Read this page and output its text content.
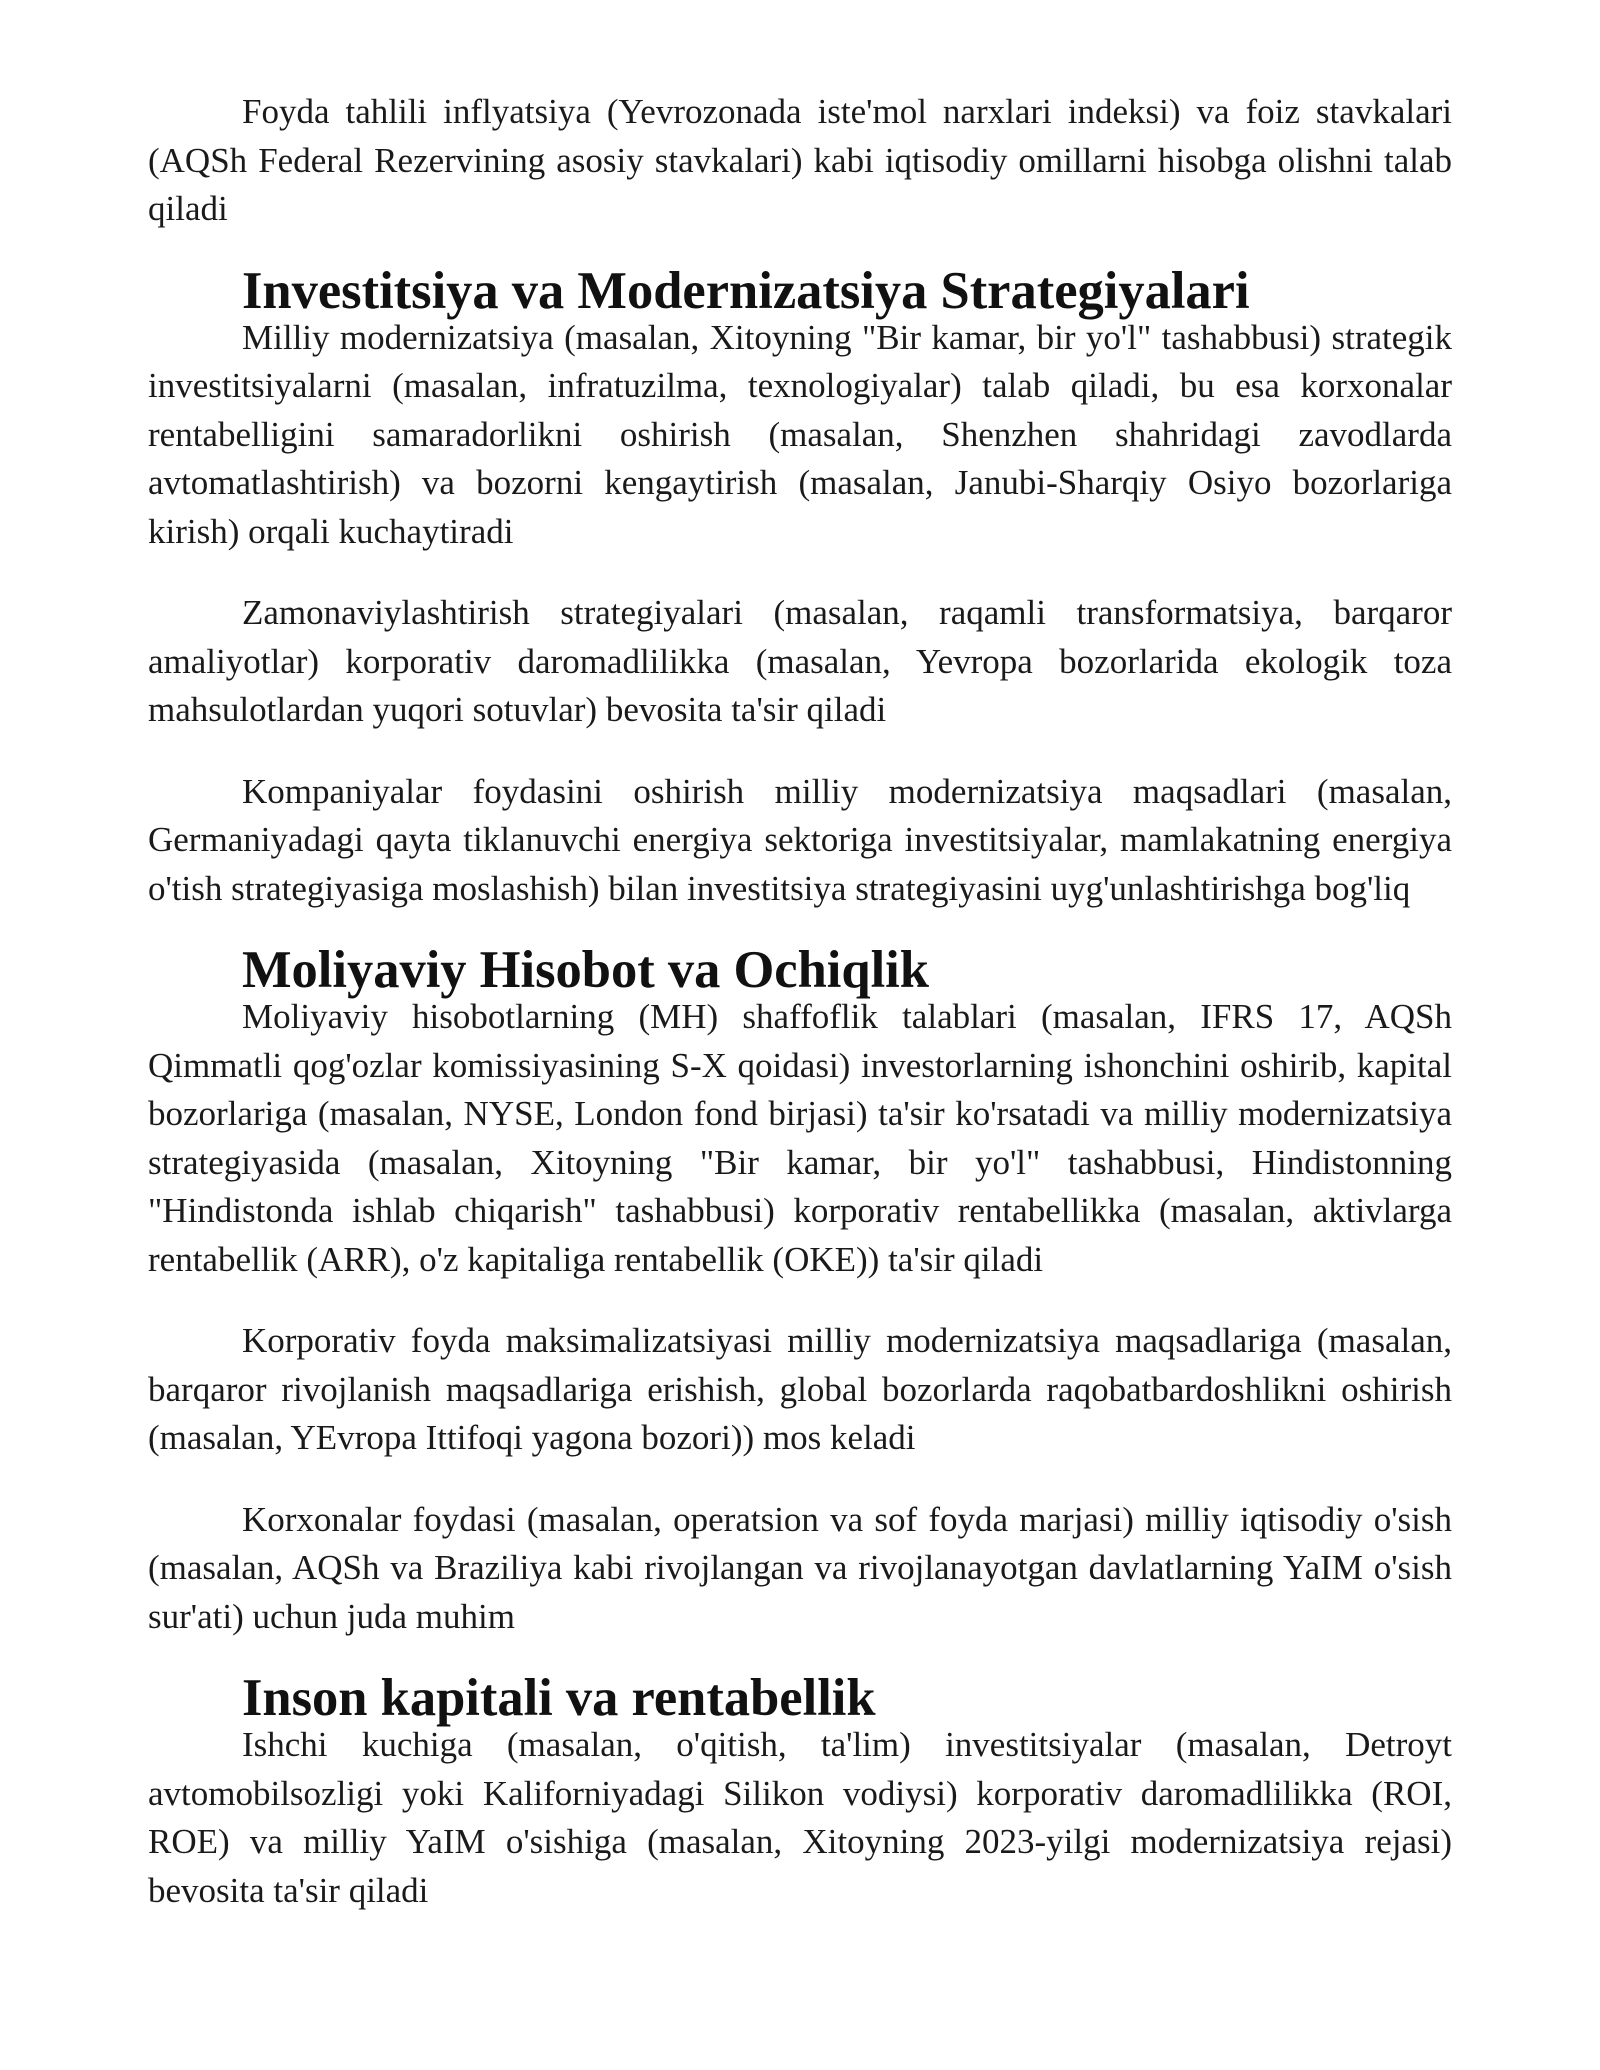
Foyda tahlili inflyatsiya (Yevrozonada iste'mol narxlari indeksi) va foiz stavkalari (AQSh Federal Rezervining asosiy stavkalari) kabi iqtisodiy omillarni hisobga olishni talab qiladi

Investitsiya va Modernizatsiya Strategiyalari

Milliy modernizatsiya (masalan, Xitoyning "Bir kamar, bir yo'l" tashabbusi) strategik investitsiyalarni (masalan, infratuzilma, texnologiyalar) talab qiladi, bu esa korxonalar rentabelligini samaradorlikni oshirish (masalan, Shenzhen shahridagi zavodlarda avtomatlashtirish) va bozorni kengaytirish (masalan, Janubi-Sharqiy Osiyo bozorlariga kirish) orqali kuchaytiradi

Zamonaviylashtirish strategiyalari (masalan, raqamli transformatsiya, barqaror amaliyotlar) korporativ daromadlilikka (masalan, Yevropa bozorlarida ekologik toza mahsulotlardan yuqori sotuvlar) bevosita ta'sir qiladi

Kompaniyalar foydasini oshirish milliy modernizatsiya maqsadlari (masalan, Germaniyadagi qayta tiklanuvchi energiya sektoriga investitsiyalar, mamlakatning energiya o'tish strategiyasiga moslashish) bilan investitsiya strategiyasini uyg'unlashtirishga bog'liq

Moliyaviy Hisobot va Ochiqlik

Moliyaviy hisobotlarning (MH) shaffoflik talablari (masalan, IFRS 17, AQSh Qimmatli qog'ozlar komissiyasining S-X qoidasi) investorlarning ishonchini oshirib, kapital bozorlariga (masalan, NYSE, London fond birjasi) ta'sir ko'rsatadi va milliy modernizatsiya strategiyasida (masalan, Xitoyning "Bir kamar, bir yo'l" tashabbusi, Hindistonning "Hindistonda ishlab chiqarish" tashabbusi) korporativ rentabellikka (masalan, aktivlarga rentabellik (ARR), o'z kapitaliga rentabellik (OKE)) ta'sir qiladi

Korporativ foyda maksimalizatsiyasi milliy modernizatsiya maqsadlariga (masalan, barqaror rivojlanish maqsadlariga erishish, global bozorlarda raqobatbardoshlikni oshirish (masalan, YEvropa Ittifoqi yagona bozori)) mos keladi

Korxonalar foydasi (masalan, operatsion va sof foyda marjasi) milliy iqtisodiy o'sish (masalan, AQSh va Braziliya kabi rivojlangan va rivojlanayotgan davlatlarning YaIM o'sish sur'ati) uchun juda muhim

Inson kapitali va rentabellik

Ishchi kuchiga (masalan, o'qitish, ta'lim) investitsiyalar (masalan, Detroyt avtomobilsozligi yoki Kaliforniyadagi Silikon vodiysi) korporativ daromadlilikka (ROI, ROE) va milliy YaIM o'sishiga (masalan, Xitoyning 2023-yilgi modernizatsiya rejasi) bevosita ta'sir qiladi
